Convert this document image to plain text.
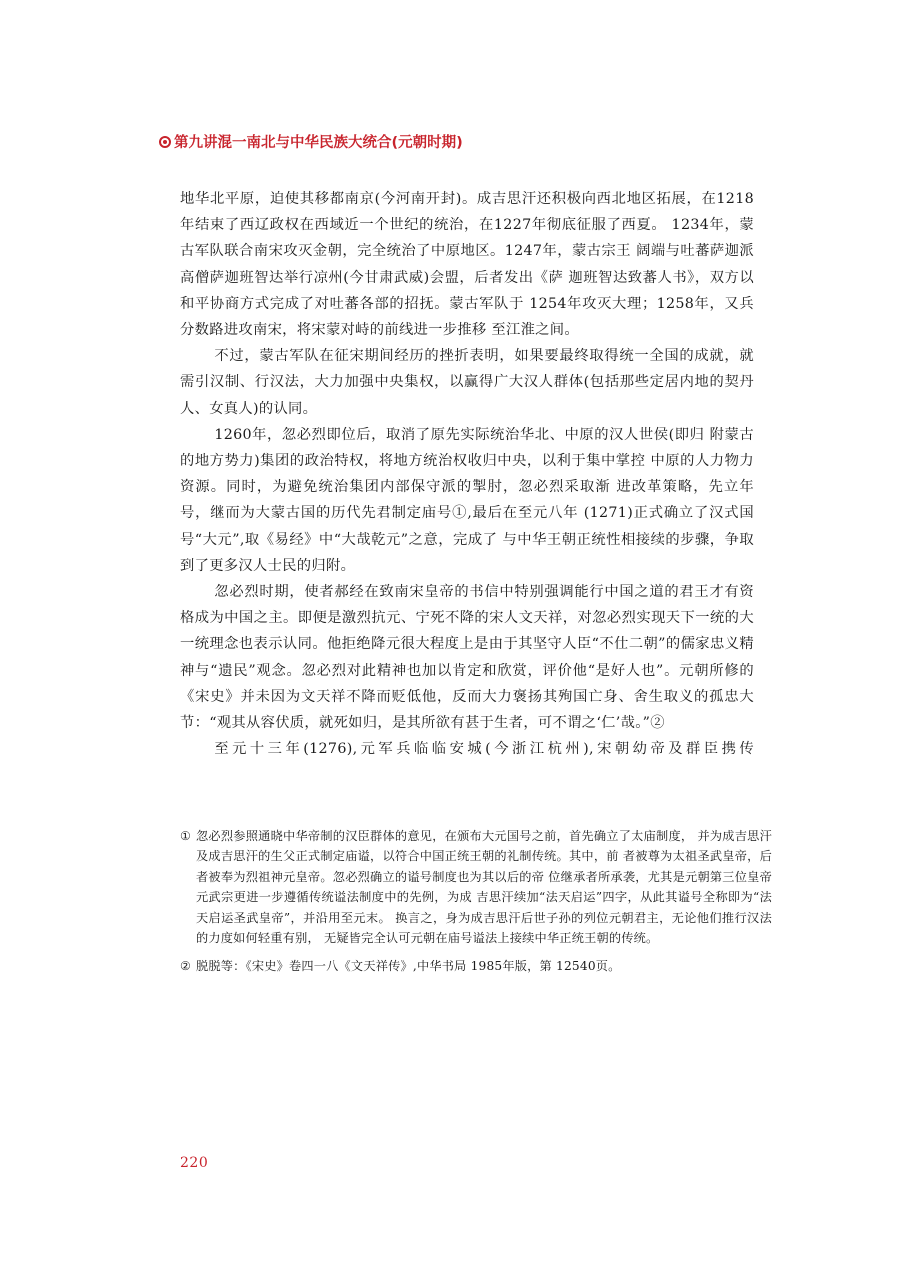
第九讲混一南北与中华民族大统合(元朝时期)

地华北平原，迫使其移都南京(今河南开封)。成吉思汗还积极向西北地区拓展，在1218年结束了西辽政权在西域近一个世纪的统治，在1227年彻底征服了西夏。 1234年，蒙古军队联合南宋攻灭金朝，完全统治了中原地区。1247年，蒙古宗王 阔端与吐蕃萨迦派高僧萨迦班智达举行凉州(今甘肃武威)会盟，后者发出《萨 迦班智达致蕃人书》，双方以和平协商方式完成了对吐蕃各部的招抚。蒙古军队于 1254年攻灭大理；1258年，又兵分数路进攻南宋，将宋蒙对峙的前线进一步推移 至江淮之间。

不过，蒙古军队在征宋期间经历的挫折表明，如果要最终取得统一全国的成就，就需引汉制、行汉法，大力加强中央集权，以赢得广大汉人群体(包括那些定居内地的契丹人、女真人)的认同。

1260年，忽必烈即位后，取消了原先实际统治华北、中原的汉人世侯(即归 附蒙古的地方势力)集团的政治特权，将地方统治权收归中央，以利于集中掌控 中原的人力物力资源。同时，为避免统治集团内部保守派的掣肘，忽必烈采取渐 进改革策略，先立年号，继而为大蒙古国的历代先君制定庙号①,最后在至元八年 (1271)正式确立了汉式国号“大元”,取《易经》中“大哉乾元”之意，完成了 与中华王朝正统性相接续的步骤，争取到了更多汉人士民的归附。

忽必烈时期，使者郝经在致南宋皇帝的书信中特别强调能行中国之道的君王才有资格成为中国之主。即便是激烈抗元、宁死不降的宋人文天祥，对忽必烈实现天下一统的大一统理念也表示认同。他拒绝降元很大程度上是由于其坚守人臣“不仕二朝”的儒家忠义精神与“遗民”观念。忽必烈对此精神也加以肯定和欣赏，评价他“是好人也”。元朝所修的《宋史》并未因为文天祥不降而贬低他，反而大力褒扬其殉国亡身、舍生取义的孤忠大节：“观其从容伏质，就死如归，是其所欲有甚于生者，可不谓之‘仁’哉。”②

至元十三年(1276),元军兵临临安城(今浙江杭州),宋朝幼帝及群臣携传

① 忽必烈参照通晓中华帝制的汉臣群体的意见，在颁布大元国号之前，首先确立了太庙制度， 并为成吉思汗及成吉思汗的生父正式制定庙谥，以符合中国正统王朝的礼制传统。其中，前 者被尊为太祖圣武皇帝，后者被奉为烈祖神元皇帝。忽必烈确立的谥号制度也为其以后的帝 位继承者所承袭，尤其是元朝第三位皇帝元武宗更进一步遵循传统谥法制度中的先例，为成 吉思汗续加“法天启运”四字，从此其谥号全称即为“法天启运圣武皇帝”，并沿用至元末。 换言之，身为成吉思汗后世子孙的列位元朝君主，无论他们推行汉法的力度如何轻重有别， 无疑皆完全认可元朝在庙号谥法上接续中华正统王朝的传统。
② 脱脱等：《宋史》卷四一八《文天祥传》,中华书局 1985年版，第 12540页。
220
